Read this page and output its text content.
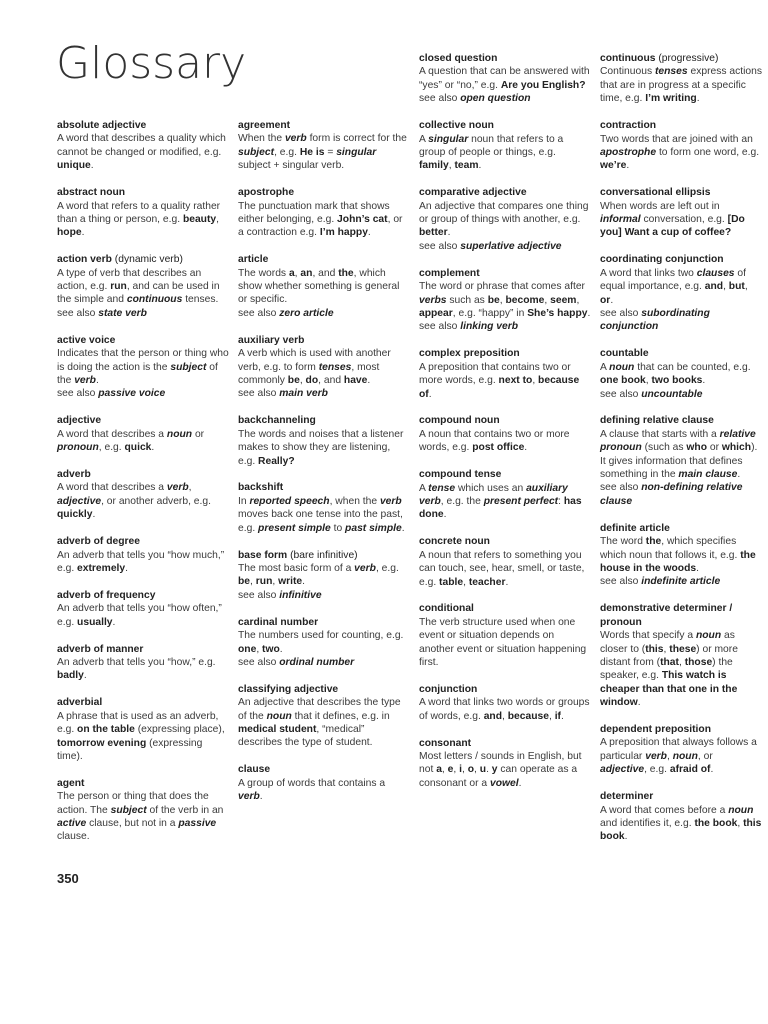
Glossary
absolute adjective
A word that describes a quality which cannot be changed or modified, e.g. unique.
abstract noun
A word that refers to a quality rather than a thing or person, e.g. beauty, hope.
action verb (dynamic verb)
A type of verb that describes an action, e.g. run, and can be used in the simple and continuous tenses.
see also state verb
active voice
Indicates that the person or thing who is doing the action is the subject of the verb.
see also passive voice
adjective
A word that describes a noun or pronoun, e.g. quick.
adverb
A word that describes a verb, adjective, or another adverb, e.g. quickly.
adverb of degree
An adverb that tells you “how much,” e.g. extremely.
adverb of frequency
An adverb that tells you “how often,” e.g. usually.
adverb of manner
An adverb that tells you “how,” e.g. badly.
adverbial
A phrase that is used as an adverb, e.g. on the table (expressing place), tomorrow evening (expressing time).
agent
The person or thing that does the action. The subject of the verb in an active clause, but not in a passive clause.
agreement
When the verb form is correct for the subject, e.g. He is = singular subject + singular verb.
apostrophe
The punctuation mark that shows either belonging, e.g. John’s cat, or a contraction e.g. I’m happy.
article
The words a, an, and the, which show whether something is general or specific.
see also zero article
auxiliary verb
A verb which is used with another verb, e.g. to form tenses, most commonly be, do, and have.
see also main verb
backchanneling
The words and noises that a listener makes to show they are listening, e.g. Really?
backshift
In reported speech, when the verb moves back one tense into the past, e.g. present simple to past simple.
base form (bare infinitive)
The most basic form of a verb, e.g. be, run, write.
see also infinitive
cardinal number
The numbers used for counting, e.g. one, two.
see also ordinal number
classifying adjective
An adjective that describes the type of the noun that it defines, e.g. in medical student, “medical” describes the type of student.
clause
A group of words that contains a verb.
closed question
A question that can be answered with “yes” or “no,” e.g. Are you English?
see also open question
collective noun
A singular noun that refers to a group of people or things, e.g. family, team.
comparative adjective
An adjective that compares one thing or group of things with another, e.g. better.
see also superlative adjective
complement
The word or phrase that comes after verbs such as be, become, seem, appear, e.g. “happy” in She’s happy.
see also linking verb
complex preposition
A preposition that contains two or more words, e.g. next to, because of.
compound noun
A noun that contains two or more words, e.g. post office.
compound tense
A tense which uses an auxiliary verb, e.g. the present perfect: has done.
concrete noun
A noun that refers to something you can touch, see, hear, smell, or taste, e.g. table, teacher.
conditional
The verb structure used when one event or situation depends on another event or situation happening first.
conjunction
A word that links two words or groups of words, e.g. and, because, if.
consonant
Most letters / sounds in English, but not a, e, i, o, u. y can operate as a consonant or a vowel.
continuous (progressive)
Continuous tenses express actions that are in progress at a specific time, e.g. I’m writing.
contraction
Two words that are joined with an apostrophe to form one word, e.g. we’re.
conversational ellipsis
When words are left out in informal conversation, e.g. [Do you] Want a cup of coffee?
coordinating conjunction
A word that links two clauses of equal importance, e.g. and, but, or.
see also subordinating conjunction
countable
A noun that can be counted, e.g. one book, two books.
see also uncountable
defining relative clause
A clause that starts with a relative pronoun (such as who or which). It gives information that defines something in the main clause.
see also non-defining relative clause
definite article
The word the, which specifies which noun that follows it, e.g. the house in the woods.
see also indefinite article
demonstrative determiner / pronoun
Words that specify a noun as closer to (this, these) or more distant from (that, those) the speaker, e.g. This watch is cheaper than that one in the window.
dependent preposition
A preposition that always follows a particular verb, noun, or adjective, e.g. afraid of.
determiner
A word that comes before a noun and identifies it, e.g. the book, this book.
350
